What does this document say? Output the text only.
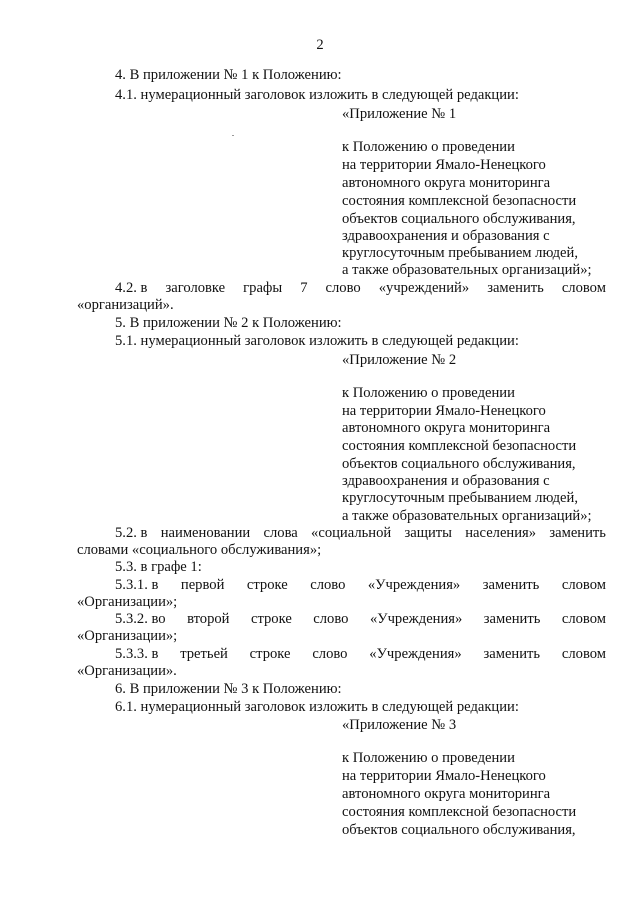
2
4. В приложении № 1 к Положению:
4.1. нумерационный заголовок изложить в следующей редакции:
«Приложение № 1
к Положению о проведении
на территории Ямало-Ненецкого
автономного округа мониторинга
состояния комплексной безопасности
объектов социального обслуживания,
здравоохранения и образования с
круглосуточным пребыванием людей,
а также образовательных организаций»;
4.2. в заголовке графы 7 слово «учреждений» заменить словом
«организаций».
5. В приложении № 2 к Положению:
5.1. нумерационный заголовок изложить в следующей редакции:
«Приложение № 2
к Положению о проведении
на территории Ямало-Ненецкого
автономного округа мониторинга
состояния комплексной безопасности
объектов социального обслуживания,
здравоохранения и образования с
круглосуточным пребыванием людей,
а также образовательных организаций»;
5.2. в наименовании слова «социальной защиты населения» заменить
словами «социального обслуживания»;
5.3. в графе 1:
5.3.1. в первой строке слово «Учреждения» заменить словом
«Организации»;
5.3.2. во второй строке слово «Учреждения» заменить словом
«Организации»;
5.3.3. в третьей строке слово «Учреждения» заменить словом
«Организации».
6. В приложении № 3 к Положению:
6.1. нумерационный заголовок изложить в следующей редакции:
«Приложение № 3
к Положению о проведении
на территории Ямало-Ненецкого
автономного округа мониторинга
состояния комплексной безопасности
объектов социального обслуживания,
